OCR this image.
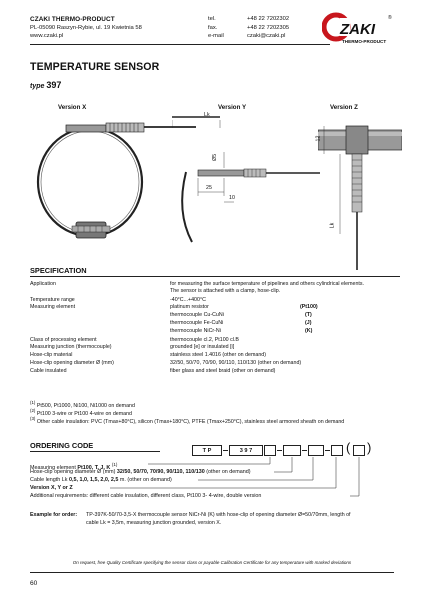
CZAKI THERMO-PRODUCT
PL-05090 Raszyn-Rybie, ul. 19 Kwietnia 58
www.czaki.pl
tel.	+48 22 7202302
fax.	+48 22 7202305
e-mail	czaki@czaki.pl	ZAKI
®
THERMO-PRODUCT
TEMPERATURE SENSOR
type 397
Version X	Version Y	Version Z
Lk
Ø5
25
10
12
Lk
SPECIFICATION
Application	for measuring the surface temperature of pipelines and others cylindrical elements.
The sensor is attached with a clamp, hose-clip.
Temperature range	-40°C...+400°C
Measuring element	platinum resistor	(Pt100)
thermocouple Cu-CuNi	(T)
thermocouple Fe-CuNi	(J)
thermocouple NiCr-Ni	(K)
Class of processing element	thermocouple cl.2, Pt100 cl.B
Measuring junction (thermocouple)	grounded [e] or insulated [i]
Hose-clip material	stainless steel 1.4016 (other on demand)
Hose-clip opening diameter Ø (mm)	32/50, 50/70, 70/90, 90/110, 110/130 (other on demand)
Cable insulated	fiber glass and steel braid (other on demand)
$^{(1)}$ Pt500, Pt1000, Ni100, Ni1000 on demand
$^{(2)}$ Pt100 3-wire or Pt100 4-wire on demand
$^{(3)}$ Other cable insulation: PVC (Tmax+80°C), silicon (Tmax+180°C), PTFE (Tmax+250°C), stainless steel armored sheath on demand
ORDERING CODE
T P	3 9 7	( )
Measuring element Pt100, T, J, K $^{(1)}$
Hose-clip opening diameter Ø (mm) 32/50, 50/70, 70/90, 90/110, 110/130 (other on demand)
Cable length Lk 0,5, 1,0, 1,5, 2,0, 2,5 m. (other on demand)
Version X, Y or Z
Additional requirements: different cable insulation, different class, Pt100 3- 4-wire, double version
Example for order: TP-397K-50/70-3,5-X thermocouple sensor NiCr-Ni (K) with hose-clip of opening diameter Ø=50/70mm, length of
cable Lk = 3,5m, measuring junction grounded, version X.
On request, free Quality Certificate specifying the sensor class or payable Calibration Certificate for any temperature with marked deviations
60
